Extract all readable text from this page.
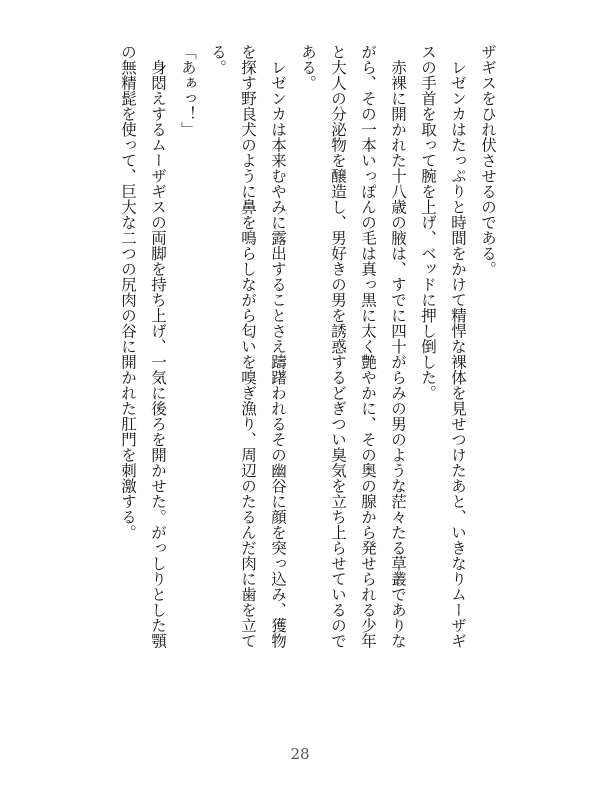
ザギスをひれ伏させるのである。
　レゼンカはたっぷりと時間をかけて精悍な裸体を見せつけたあと、いきなりムーザギ
スの手首を取って腕を上げ、ベッドに押し倒した。
　赤裸に開かれた十八歳の腋は、すでに四十がらみの男のような茫々たる草叢でありな
がら、その一本いっぽんの毛は真っ黒に太く艶やかに、その奥の腺から発せられる少年
と大人の分泌物を醸造し、男好きの男を誘惑するどぎつい臭気を立ち上らせているので
ある。
　レゼンカは本来むやみに露出することさえ躊躇われるその幽谷に顔を突っ込み、獲物
を探す野良犬のように鼻を鳴らしながら匂いを嗅ぎ漁り、周辺のたるんだ肉に歯を立て
る。
「あぁっ！」
　身悶えするムーザギスの両脚を持ち上げ、一気に後ろを開かせた。がっしりとした顎
の無精髭を使って、巨大な二つの尻肉の谷に開かれた肛門を刺激する。
28
